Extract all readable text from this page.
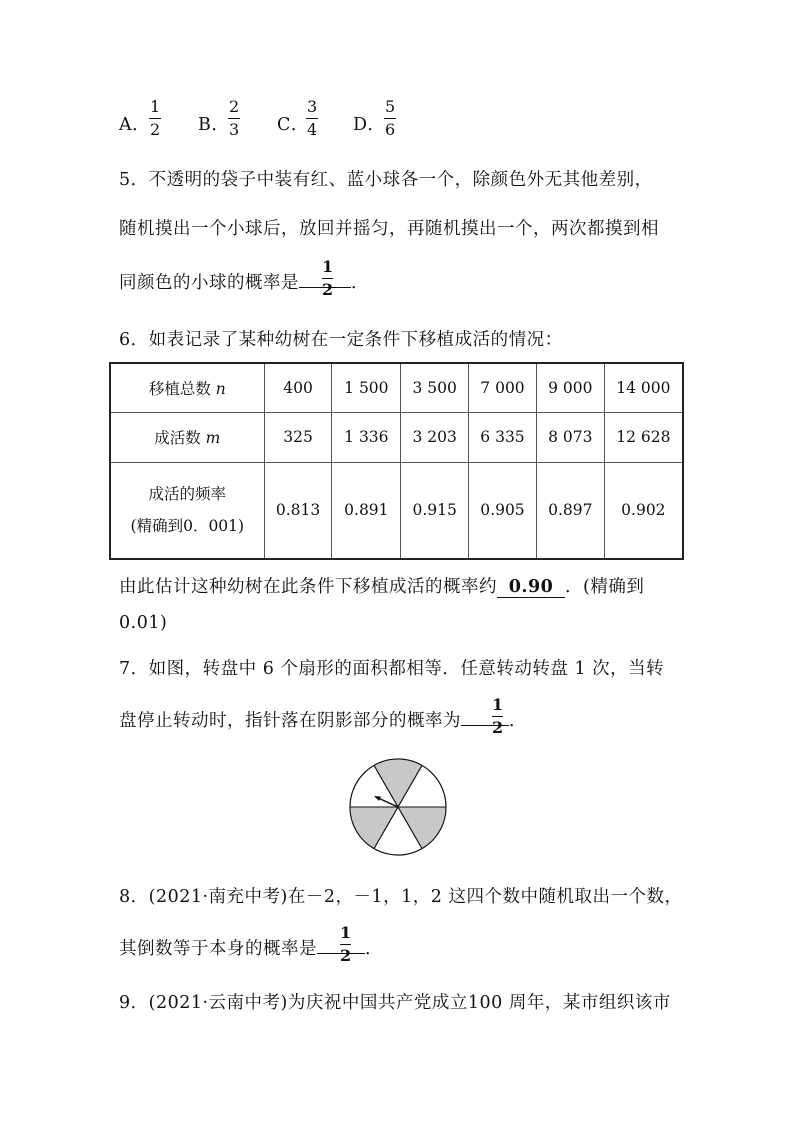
A．
$\frac{1}{2}$ B．
$\frac{2}{3}$ C．
$\frac{3}{4}$ D．
$\frac{5}{6}$
5．不透明的袋子中装有红、蓝小球各一个，除颜色外无其他差别，
随机摸出一个小球后，放回并摇匀，再随机摸出一个，两次都摸到相
同颜色的小球的概率是	．
$\frac{1}{2}$
6．如表记录了某种幼树在一定条件下移植成活的情况：
移植总数 n	400	1 500	3 500	7 000	9 000	14 000
成活数 m	325	1 336	3 203	6 335	8 073	12 628

成活的频率
(精确到0．001)	0.813	0.891	0.915	0.905	0.897	0.902
由此估计这种幼树在此条件下移植成活的概率约 0.90 ．(精确到
0.01)
7．如图，转盘中 6 个扇形的面积都相等．任意转动转盘 1 次，当转
盘停止转动时，指针落在阴影部分的概率为	．
$\frac{1}{2}$
8．(2021·南充中考)在－2，－1，1，2 这四个数中随机取出一个数，
其倒数等于本身的概率是	．
$\frac{1}{2}$
9．(2021·云南中考)为庆祝中国共产党成立100 周年，某市组织该市
